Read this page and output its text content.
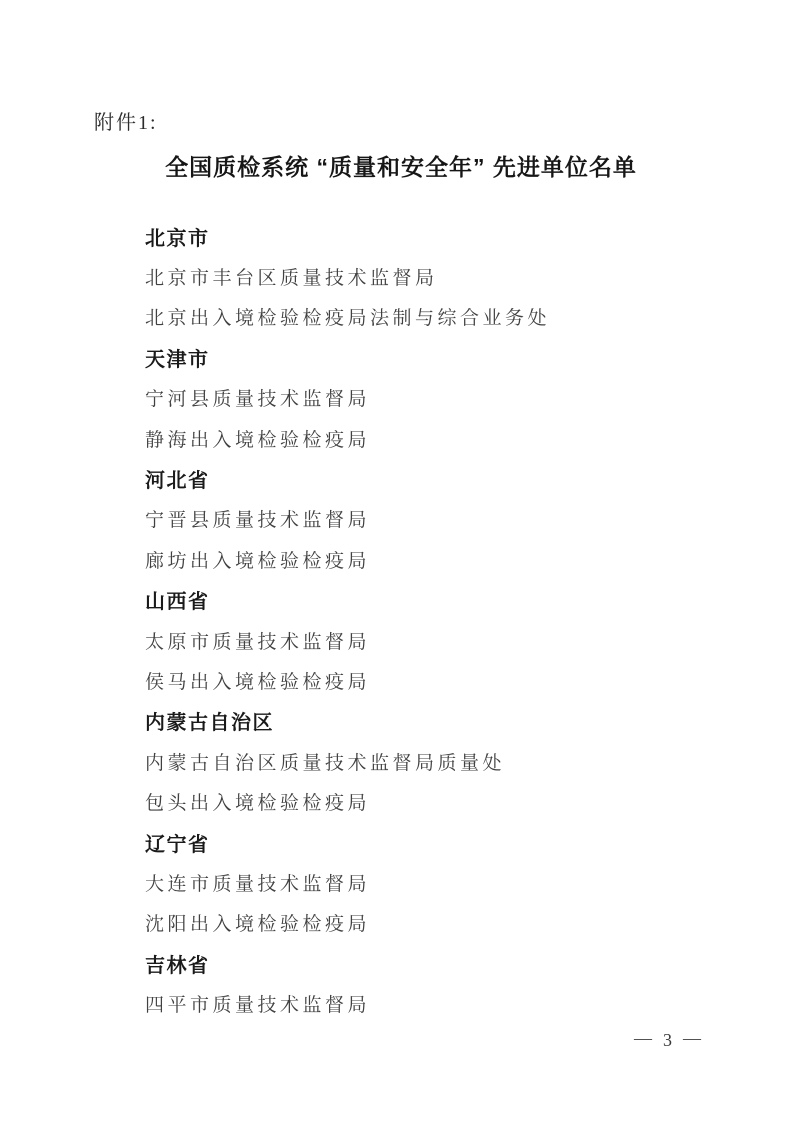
附件1:
全国质检系统 “质量和安全年” 先进单位名单
北京市

北京市丰台区质量技术监督局

北京出入境检验检疫局法制与综合业务处

天津市

宁河县质量技术监督局

静海出入境检验检疫局

河北省

宁晋县质量技术监督局

廊坊出入境检验检疫局

山西省

太原市质量技术监督局

侯马出入境检验检疫局

内蒙古自治区

内蒙古自治区质量技术监督局质量处

包头出入境检验检疫局

辽宁省

大连市质量技术监督局

沈阳出入境检验检疫局

吉林省

四平市质量技术监督局

— 3 —
